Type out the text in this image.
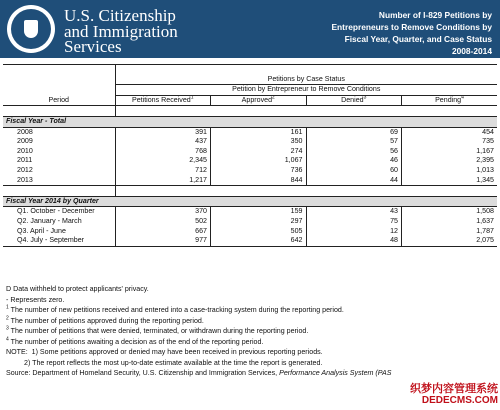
U.S. Citizenship
and Immigration
Services
Number of I-829 Petitions by
Entrepreneurs to Remove Conditions by
Fiscal Year, Quarter, and Case Status
2008-2014

	Petitions by Case Status			
	Petition by Entrepreneur to Remove Conditions			
Period	Petitions Received$^1$	Approved$^2$	Denied$^3$	Pending$^4$

Fiscal Year - Total				
2008	391	161	69	454
2009	437	350	57	735
2010	768	274	56	1,167
2011	2,345	1,067	46	2,395
2012	712	736	60	1,013
2013	1,217	844	44	1,345

Fiscal Year 2014 by Quarter				
Q1. October - December	370	159	43	1,508
Q2. January - March	502	297	75	1,637
Q3. April - June	667	505	12	1,787
Q4. July - September	977	642	48	2,075
D Data withheld to protect applicants' privacy.
- Represents zero.
$^1$ The number of new petitions received and entered into a case-tracking system during the reporting period.
$^2$ The number of petitions approved during the reporting period.
$^3$ The number of petitions that were denied, terminated, or withdrawn during the reporting period.
$^4$ The number of petitions awaiting a decision as of the end of the reporting period.
NOTE: 1) Some petitions approved or denied may have been received in previous reporting periods.
2) The report reflects the most up-to-date estimate available at the time the report is generated.
Source: Department of Homeland Security, U.S. Citizenship and Immigration Services, Performance Analysis System (PAS
织梦内容管理系统
DEDECMS.COM
